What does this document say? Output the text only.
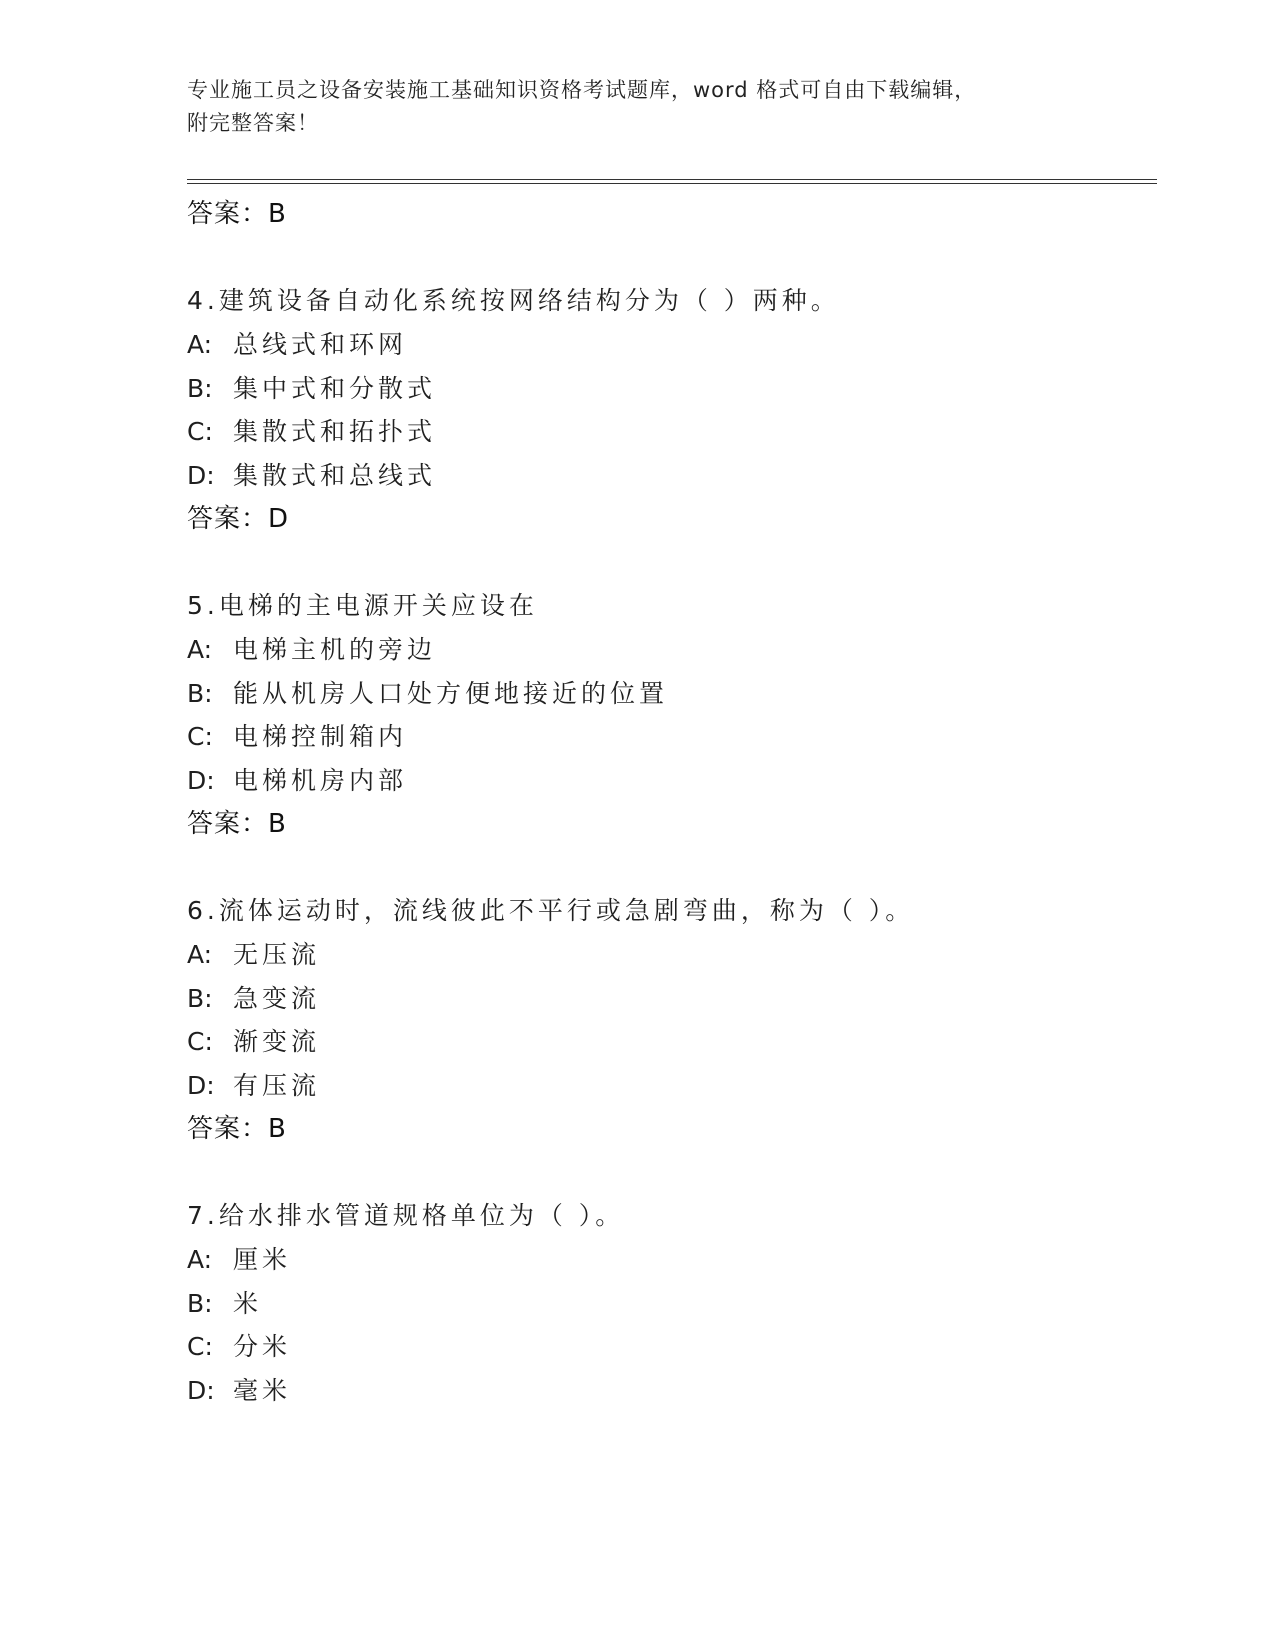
专业施工员之设备安装施工基础知识资格考试题库，word 格式可自由下载编辑，
附完整答案！
答案：B
4.建筑设备自动化系统按网络结构分为（ ）两种。
A: 总线式和环网
B: 集中式和分散式
C: 集散式和拓扑式
D: 集散式和总线式
答案：D
5.电梯的主电源开关应设在
A: 电梯主机的旁边
B: 能从机房人口处方便地接近的位置
C: 电梯控制箱内
D: 电梯机房内部
答案：B
6.流体运动时，流线彼此不平行或急剧弯曲，称为（ ）。
A: 无压流
B: 急变流
C: 渐变流
D: 有压流
答案：B
7.给水排水管道规格单位为（ ）。
A: 厘米
B: 米
C: 分米
D: 毫米
